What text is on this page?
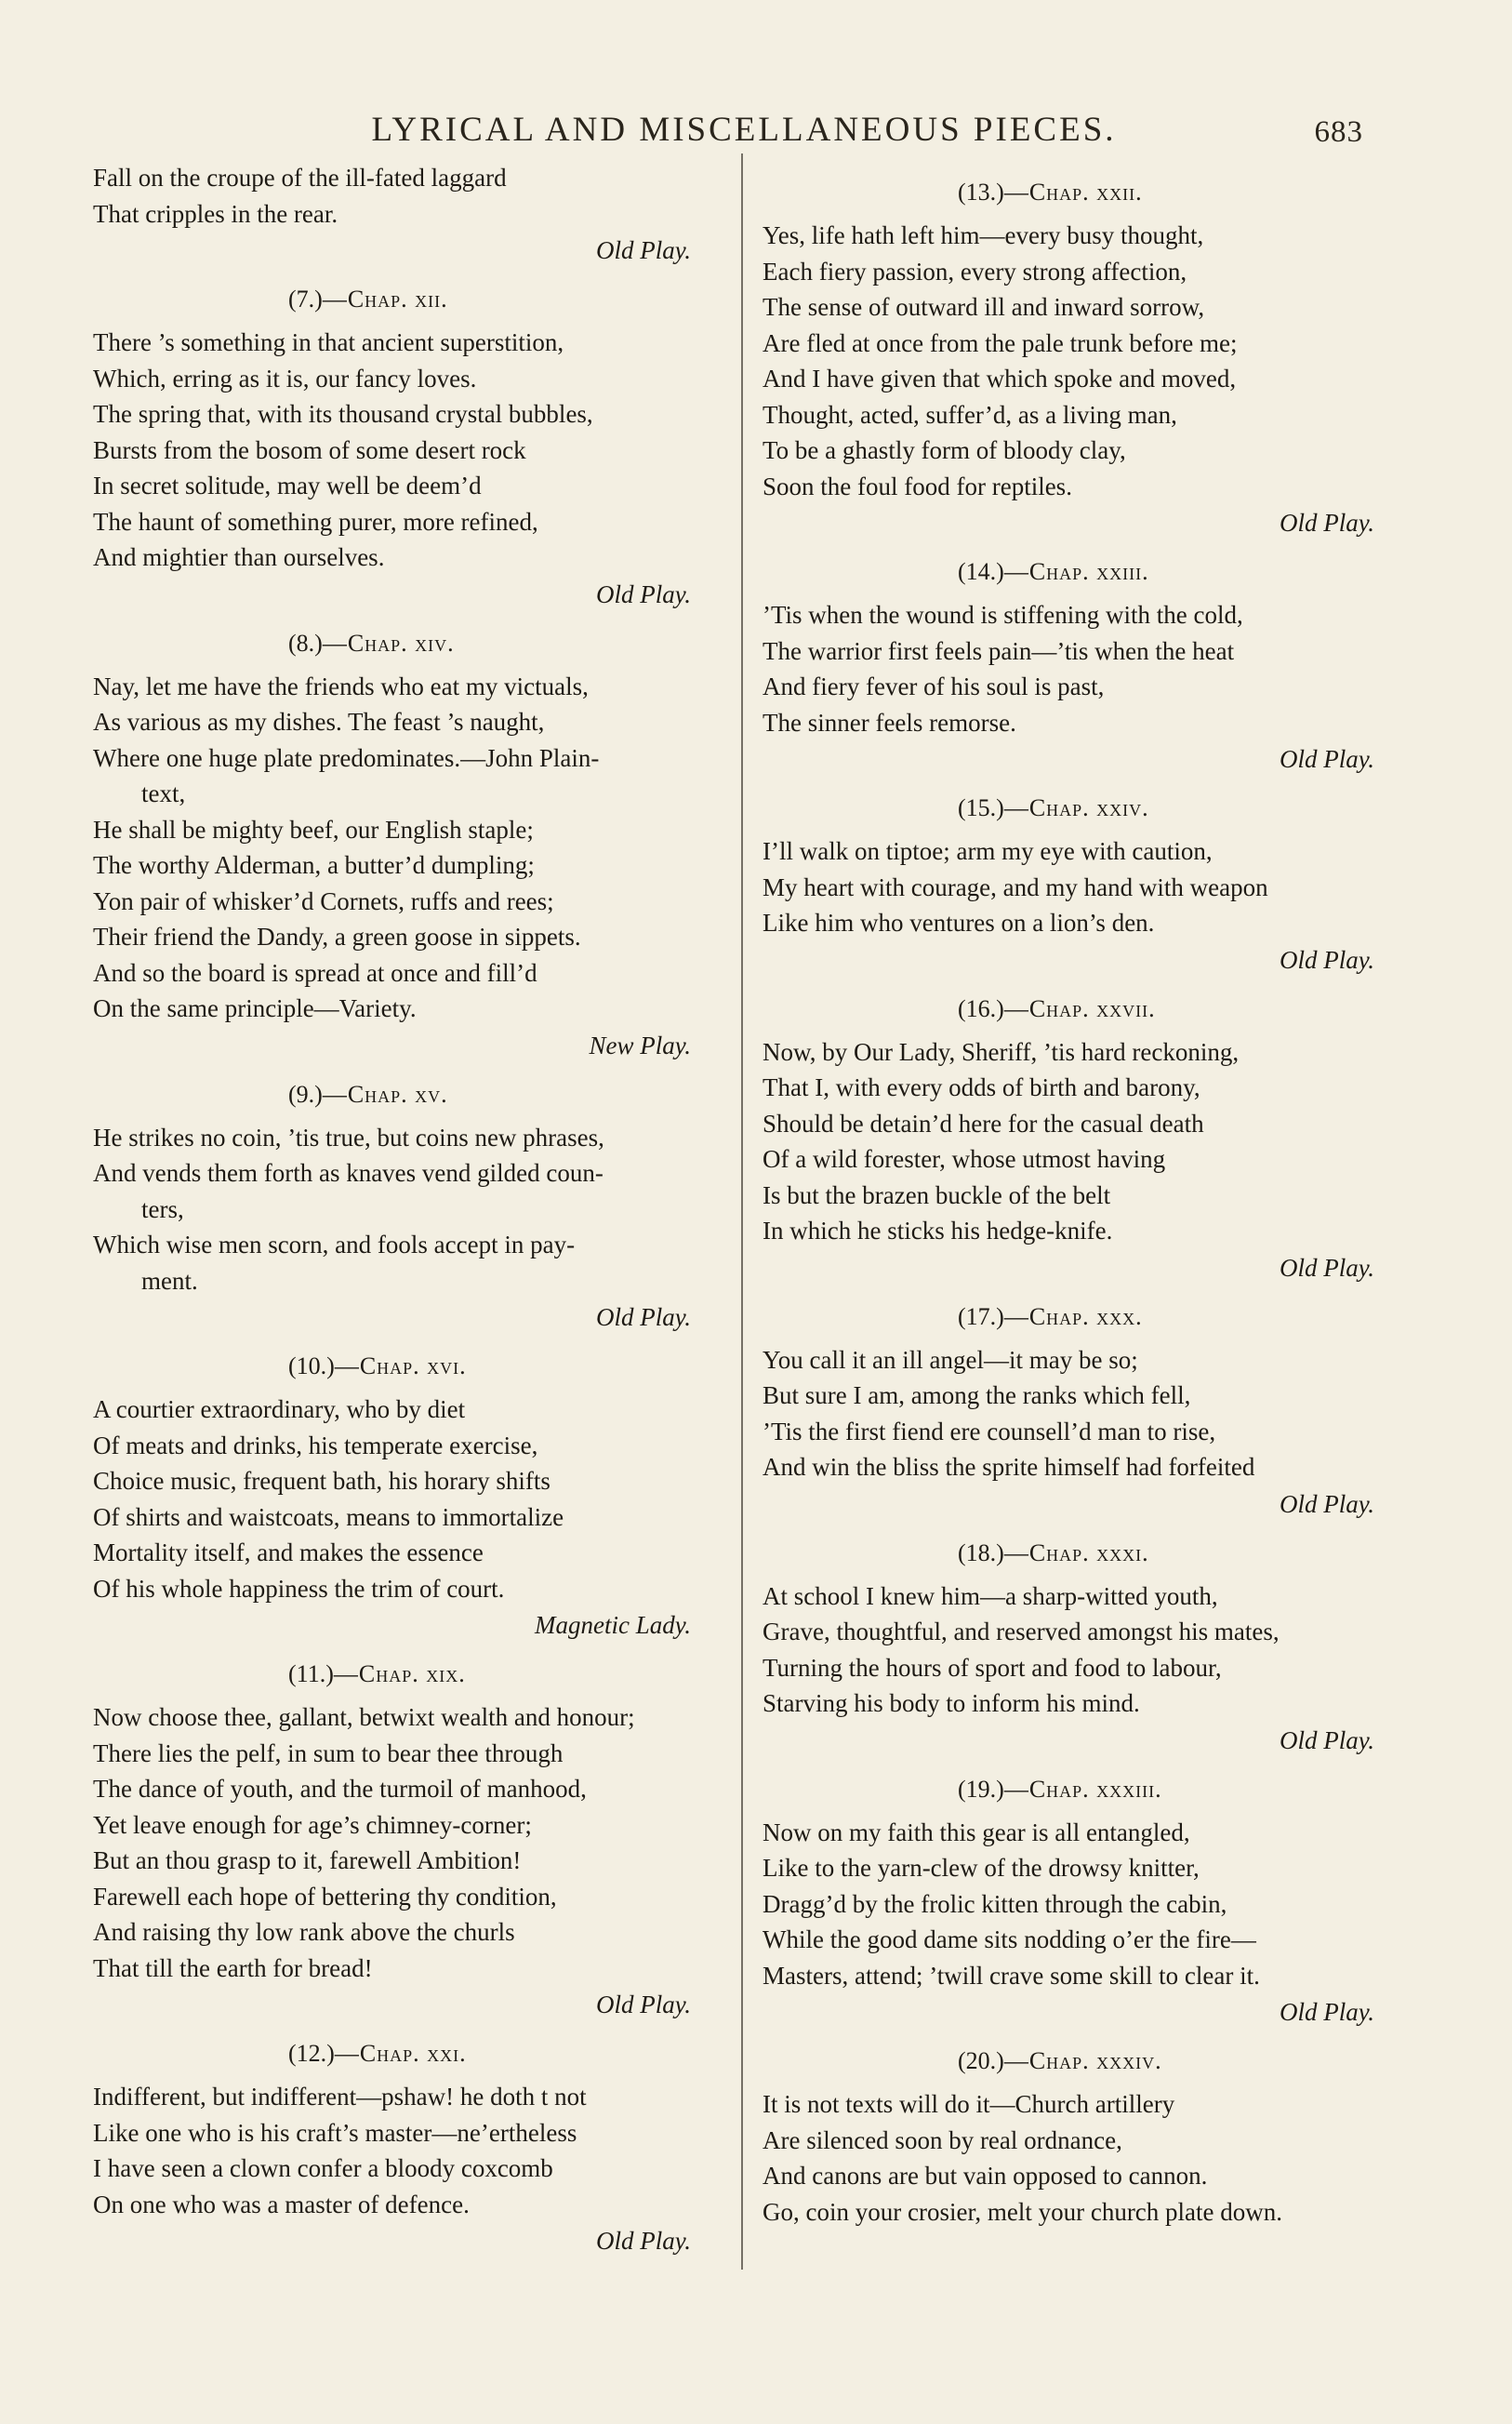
LYRICAL AND MISCELLANEOUS PIECES.	683
Fall on the croupe of the ill-fated laggard
That cripples in the rear.
Old Play.
(7.)—Chap. xii.
There ’s something in that ancient superstition,
Which, erring as it is, our fancy loves.
The spring that, with its thousand crystal bubbles,
Bursts from the bosom of some desert rock
In secret solitude, may well be deem’d
The haunt of something purer, more refined,
And mightier than ourselves.
Old Play.
(8.)—Chap. xiv.
Nay, let me have the friends who eat my victuals,
As various as my dishes. The feast ’s naught,
Where one huge plate predominates.—John Plain-
text,
He shall be mighty beef, our English staple;
The worthy Alderman, a butter’d dumpling;
Yon pair of whisker’d Cornets, ruffs and rees;
Their friend the Dandy, a green goose in sippets.
And so the board is spread at once and fill’d
On the same principle—Variety.
New Play.
(9.)—Chap. xv.
He strikes no coin, ’tis true, but coins new phrases,
And vends them forth as knaves vend gilded coun-
ters,
Which wise men scorn, and fools accept in pay-
ment.
Old Play.
(10.)—Chap. xvi.
A courtier extraordinary, who by diet
Of meats and drinks, his temperate exercise,
Choice music, frequent bath, his horary shifts
Of shirts and waistcoats, means to immortalize
Mortality itself, and makes the essence
Of his whole happiness the trim of court.
Magnetic Lady.
(11.)—Chap. xix.
Now choose thee, gallant, betwixt wealth and honour;
There lies the pelf, in sum to bear thee through
The dance of youth, and the turmoil of manhood,
Yet leave enough for age’s chimney-corner;
But an thou grasp to it, farewell Ambition!
Farewell each hope of bettering thy condition,
And raising thy low rank above the churls
That till the earth for bread!
Old Play.
(12.)—Chap. xxi.
Indifferent, but indifferent—pshaw! he doth t not
Like one who is his craft’s master—ne’ertheless
I have seen a clown confer a bloody coxcomb
On one who was a master of defence.
Old Play.
(13.)—Chap. xxii.
Yes, life hath left him—every busy thought,
Each fiery passion, every strong affection,
The sense of outward ill and inward sorrow,
Are fled at once from the pale trunk before me;
And I have given that which spoke and moved,
Thought, acted, suffer’d, as a living man,
To be a ghastly form of bloody clay,
Soon the foul food for reptiles.
Old Play.
(14.)—Chap. xxiii.
’Tis when the wound is stiffening with the cold,
The warrior first feels pain—’tis when the heat
And fiery fever of his soul is past,
The sinner feels remorse.
Old Play.
(15.)—Chap. xxiv.
I’ll walk on tiptoe; arm my eye with caution,
My heart with courage, and my hand with weapon
Like him who ventures on a lion’s den.
Old Play.
(16.)—Chap. xxvii.
Now, by Our Lady, Sheriff, ’tis hard reckoning,
That I, with every odds of birth and barony,
Should be detain’d here for the casual death
Of a wild forester, whose utmost having
Is but the brazen buckle of the belt
In which he sticks his hedge-knife.
Old Play.
(17.)—Chap. xxx.
You call it an ill angel—it may be so;
But sure I am, among the ranks which fell,
’Tis the first fiend ere counsell’d man to rise,
And win the bliss the sprite himself had forfeited
Old Play.
(18.)—Chap. xxxi.
At school I knew him—a sharp-witted youth,
Grave, thoughtful, and reserved amongst his mates,
Turning the hours of sport and food to labour,
Starving his body to inform his mind.
Old Play.
(19.)—Chap. xxxiii.
Now on my faith this gear is all entangled,
Like to the yarn-clew of the drowsy knitter,
Dragg’d by the frolic kitten through the cabin,
While the good dame sits nodding o’er the fire—
Masters, attend; ’twill crave some skill to clear it.
Old Play.
(20.)—Chap. xxxiv.
It is not texts will do it—Church artillery
Are silenced soon by real ordnance,
And canons are but vain opposed to cannon.
Go, coin your crosier, melt your church plate down.
